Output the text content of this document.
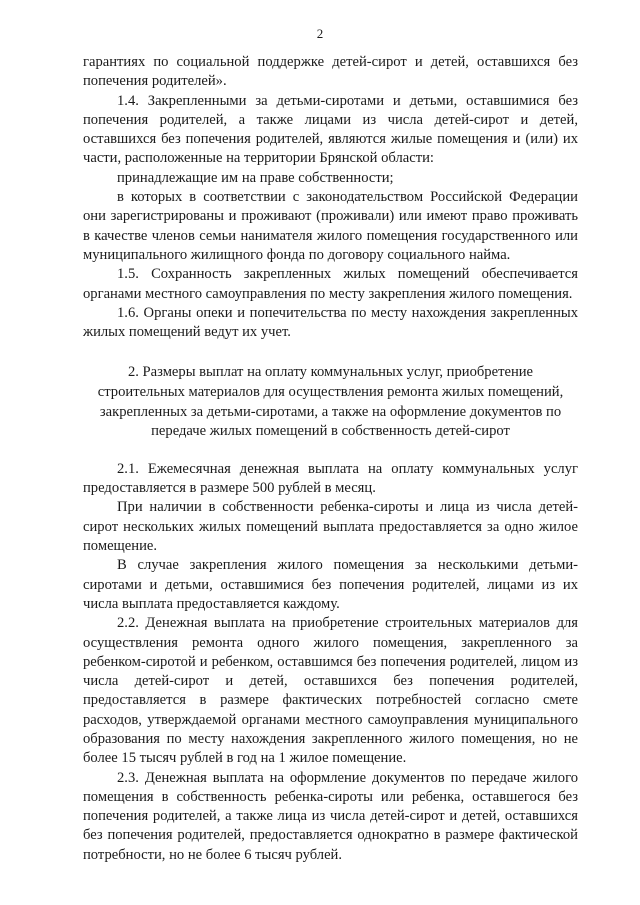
2

гарантиях по социальной поддержке детей-сирот и детей, оставшихся без попечения родителей».

1.4. Закрепленными за детьми-сиротами и детьми, оставшимися без попечения родителей, а также лицами из числа детей-сирот и детей, оставшихся без попечения родителей, являются жилые помещения и (или) их части, расположенные на территории Брянской области:

принадлежащие им на праве собственности;

в которых в соответствии с законодательством Российской Федерации они зарегистрированы и проживают (проживали) или имеют право проживать в качестве членов семьи нанимателя жилого помещения государственного или муниципального жилищного фонда по договору социального найма.

1.5. Сохранность закрепленных жилых помещений обеспечивается органами местного самоуправления по месту закрепления жилого помещения.

1.6. Органы опеки и попечительства по месту нахождения закрепленных жилых помещений ведут их учет.

2. Размеры выплат на оплату коммунальных услуг, приобретение
строительных материалов для осуществления ремонта жилых помещений,
закрепленных за детьми-сиротами, а также на оформление документов по
передаче жилых помещений в собственность детей-сирот

2.1. Ежемесячная денежная выплата на оплату коммунальных услуг предоставляется в размере 500 рублей в месяц.

При наличии в собственности ребенка-сироты и лица из числа детей-сирот нескольких жилых помещений выплата предоставляется за одно жилое помещение.

В случае закрепления жилого помещения за несколькими детьми-сиротами и детьми, оставшимися без попечения родителей, лицами из их числа выплата предоставляется каждому.

2.2. Денежная выплата на приобретение строительных материалов для осуществления ремонта одного жилого помещения, закрепленного за ребенком-сиротой и ребенком, оставшимся без попечения родителей, лицом из числа детей-сирот и детей, оставшихся без попечения родителей, предоставляется в размере фактических потребностей согласно смете расходов, утверждаемой органами местного самоуправления муниципального образования по месту нахождения закрепленного жилого помещения, но не более 15 тысяч рублей в год на 1 жилое помещение.

2.3. Денежная выплата на оформление документов по передаче жилого помещения в собственность ребенка-сироты или ребенка, оставшегося без попечения родителей, а также лица из числа детей-сирот и детей, оставшихся без попечения родителей, предоставляется однократно в размере фактической потребности, но не более 6 тысяч рублей.
